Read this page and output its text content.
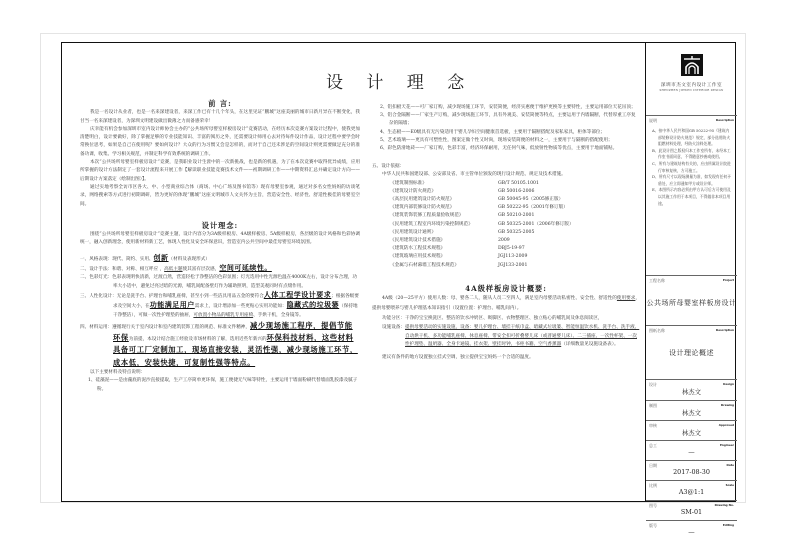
设 计 理 念
前 言:
我是一名设计从业者，也是一名来深建设者，来深工作已有十几个年头，在这里见证“鹏城”这座美丽的城市日新月异在不断变化，我甘当一名来深建设者，为深圳文明建设做出微薄之力而备感荣幸！
庆幸能有机会参加深圳市室内设计师协会主办的“公共场所母婴室样板房设计”竞赛活动，在经历本次竞赛方案设计过程中，使我更加清楚明白，设计要做好，除了掌握足够的专业技能知识、丰富的阅历之外，还需要设计师用心去对待每件设计作品，设计过程中要学会时常换位思考，如果是自己在使用呢？要如何设计？大众的行为习惯又会是怎样的，而对于自己还未涉足的空间设计则更需要做足充分的准备功课，收集、学习相关规范，并制定科学有效系统的调研工作。
本次“公共场所母婴室样板房设计”竞赛，是我职业设计生涯中的一次新挑战，也是新的机遇，为了在本次竞赛中取得优异成绩，应用所掌握的设计方法制定了一套设计流程来开展工作【解读职业技能竞赛技术文件——初期调研工作——中期资料汇总并确定设计方向——后期设计方案落定（绘制出图）】。
通过实地考察全访市区各大、中、小型商业综合体（商场、中心广场及图书馆等）现有母婴室参观，通过对多名女性妈妈的访谈笔录，网络搜索等方式进行初期调研，皆为更好的体现“鹏城”这座文明城市人文关怀为主旨，营造安全性、经济性、舒适性极佳的母婴室空间。
设计理念:
围绕“公共场所母婴室样板房设计”竞赛主题，设计内容分为3A级样板房、4A级样板房、5A级样板房，各层级的设计风格和色彩协调统一，融入创新理念，使用新材料新工艺，体现人性化及安全环保意识，营造室内公共空间中最佳母婴室环境氛围。
一、风格表现：现代、简约、实用、创新（材料及表现形式）
二、设计手法：和谐、对称、相互呼应 ，高低主題使其富有层次感，空间可延续性。
二、色彩灯光：色彩表现明快清新，过渡自然，营造轻松于净整洁的色彩氛围；灯光选用中性光源色温在4000K左右，设计分布合理，功率大小适中，避免过亮过暗的光源，哺乳间配备壁灯作为辅助照明，造型美观同时有点缀作用。
三、人性化设计：无论是洗手台、护理台和哺乳座椅，甚至小到一些洁具用品五金的要符合人体工程学设计要求；根据各级要求及空间大小，在功能满足用户需求上，设计增添加一些更贴心实用功能如：隐藏式的垃圾篓（保持地干净整洁），可做一次性护理垫的抽屉，可放置小物品的哺乳专用座椅、手烘干机，全身镜等。
四、材料运用：遵循现行关于室内设计和室内建筑装饰工程的规范、标准文件精神，减少现场施工程序，提倡节能环保为前提，本设计结合施工经验及市场材料的了解，选用近些年新兴的环保科技材料，这些材料具备可工厂定制加工，现场直接安装，灵活性强，减少现场施工环节，成本低，安装快捷，可复制性强等特点。
以下主要材料及特点说明：
1、硅藻泥——是由藻底的泥沙直接提取，生产工序简单更环保，施工便捷无气味等特性，主要运用于墙面粉刷代替墙面乳胶漆及腻子粉。
2、铝扣板天花——可厂家订购，减少现场施工环节，安装简便，经济实惠便于维护更换等主要特性，主要运用部位天花吊顶；
3、铝合金隔断——厂家生产订购，减少现场施工环节，具有外观美、安装简便等特点，主要运用于内墙隔断，代替厚重工序复杂的隔墙；
4、生态板——E0级具有无污染适用于婴儿孕妇空间健康首选板，主要用于隔断搭配及家私家具，柜体等部位；
5、艺术玻璃——更具有可塑性性，图案定做个性又时尚，现场安装简便的材料之一，主要用于与隔断的搭配使用；
6、彩色防滑地砖——厂家订购，色彩丰富，经济环保耐用，无任何气味，低放射性物质等优点，主要用于地面铺贴。
五、设计依据：
中华人民共和国建设部、公安部及省、市主管单位颁发的现行设计规范、规定及技术措施。
《建筑制图标准》	GB/T 50105.1001
《建筑设计防火规范》	GB 50016-2006
《高层民用建筑设计防火规范》	GB 50045-95（2005修正版）
《建筑内部装修设计防火规范》	GB 50222-95（2001年修订版）
《建筑装饰装修工程质量验收规范》	GB 50210-2001
《民用建筑工程室内环境污染控制规范》	GB 50325-2001（2006年修订版）
《民用建筑设计通则》	GB 50325-2005
《民用建筑设计技术措施》	2009
《建筑防水工程技术规程》	DBJ5-19-97
《建筑玻璃应用技术规程》	JGJ113-2009
《金属与石材幕墙工程技术规范》	JGJ133-2001
4A级样板房设计概要:
4A级（20—25平方）使用人数：母、婴各二人，随从人员二至四人，满足室内母婴活动私密性、安全性、舒适性的使用要求，提供母婴喂养与婴儿护理基本知识指引（设置位置：护理台、哺乳间内）。
功能分区：干净的宝宝换洗区、整洁的饮水冲奶区、吸脚区、衣物整理区、独立贴心的哺乳间及休息阅读区，
设施设备：提供母婴活动的实施设施，设备：婴儿护理台、墙挂干纸巾盒、暗藏式垃圾篓、智能恒温饮水机、洗手台、洗手液、自动烘干机、多功能哺乳座椅、休息座椅、带安全扣可折叠婴儿床（或普通婴儿床）、二三插座、一次性杯架、一次性护理垫、温奶器、全身卡通镜、挂衣架、壁挂时钟、书柜书籍、空气香薰器（详细数量见设施设备表）。
建议有条件的地方设置独立挂式空调，独立提供宝宝妈妈一个合适的温度。
深圳市杰文室内设计工作室
SHENZHEN JIEWEN INTERIOR DESIGN
说明	Description
A、按中华人民共和国GB 50222-95《建筑内部装修设计防火规范》规定，部分选用防火阻燃材料处理，经防火涂料处理。
B、此设计图之版权归本工作室所有，未经本工作室书面同意，不得随意抄袭或使用。
C、所有与建筑结构有关的，应由所属设计院进行审核复核，方可施工。
D、所有尺寸以现场测量为准，如发现有任何矛盾处，应立即通知甲方或设计师。
E、本图所示内容必须由甲方认可后方可使用及以其施工作用于本项目，不得做非本项目用途。
工程名称	Project
公共场所母婴室样板房设计
图纸名称	Description
设计理论概述
设计	Design
林杰文
制图	Drawing
林杰文
审核	Approved
林杰文
总工	Engineer
—
日期	Date
2017-08-30
比例	Scale
A3@1:1
图号	Drawing No.
SM-01
版号	Editing
—
